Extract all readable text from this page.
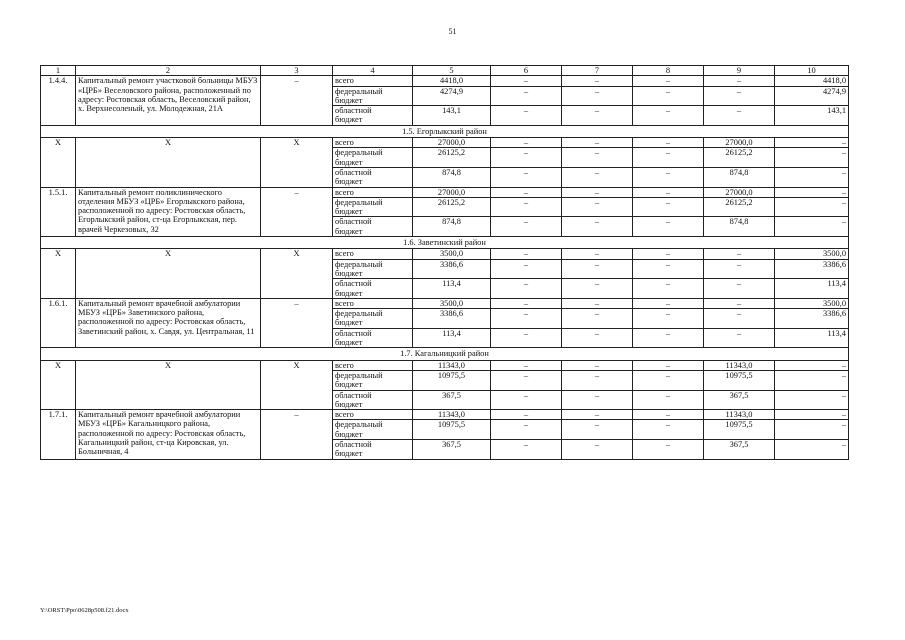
51
1	2	3	4	5	6	7	8	9	10
1.4.4.	Капитальный ремонт участковой больницы МБУЗ «ЦРБ» Веселовского района, расположенный по адресу: Ростовская область, Веселовский район, х. Верхнесоленый, ул. Молодежная, 21А	–	всего	4418,0	–	–	–	–	4418,0
			федеральный
бюджет	4274,9	–	–	–	–	4274,9
			областной
бюджет	143,1	–	–	–	–	143,1
1.5. Егорлыкский район									
X	X	X	всего	27000,0	–	–	–	27000,0	–
			федеральный
бюджет	26125,2	–	–	–	26125,2	–
			областной
бюджет	874,8	–	–	–	874,8	–
1.5.1.	Капитальный ремонт поликлинического отделения МБУЗ «ЦРБ» Егорлыкского района, расположенной по адресу: Ростовская область, Егорлыкский район, ст-ца Егорлыкская, пер. врачей Черкезовых, 32	–	всего	27000,0	–	–	–	27000,0	–
			федеральный
бюджет	26125,2	–	–	–	26125,2	–
			областной
бюджет	874,8	–	–	–	874,8	–
1.6. Заветинский район									
X	X	X	всего	3500,0	–	–	–	–	3500,0
			федеральный
бюджет	3386,6	–	–	–	–	3386,6
			областной
бюджет	113,4	–	–	–	–	113,4
1.6.1.	Капитальный ремонт врачебной амбулатории МБУЗ «ЦРБ» Заветинского района, расположенной по адресу: Ростовская область, Заветинский район, х. Савдя, ул. Центральная, 11	–	всего	3500,0	–	–	–	–	3500,0
			федеральный
бюджет	3386,6	–	–	–	–	3386,6
			областной
бюджет	113,4	–	–	–	–	113,4
1.7. Кагальницкий район									
X	X	X	всего	11343,0	–	–	–	11343,0	–
			федеральный
бюджет	10975,5	–	–	–	10975,5	–
			областной
бюджет	367,5	–	–	–	367,5	–
1.7.1.	Капитальный ремонт врачебной амбулатории МБУЗ «ЦРБ» Кагальницкого района, расположенной по адресу: Ростовская область, Кагальницкий район, ст-ца Кировская, ул. Больничная, 4	–	всего	11343,0	–	–	–	11343,0	–
			федеральный
бюджет	10975,5	–	–	–	10975,5	–
			областной
бюджет	367,5	–	–	–	367,5	–
Y:\ORST\Ppo\0628p508.f21.docx
